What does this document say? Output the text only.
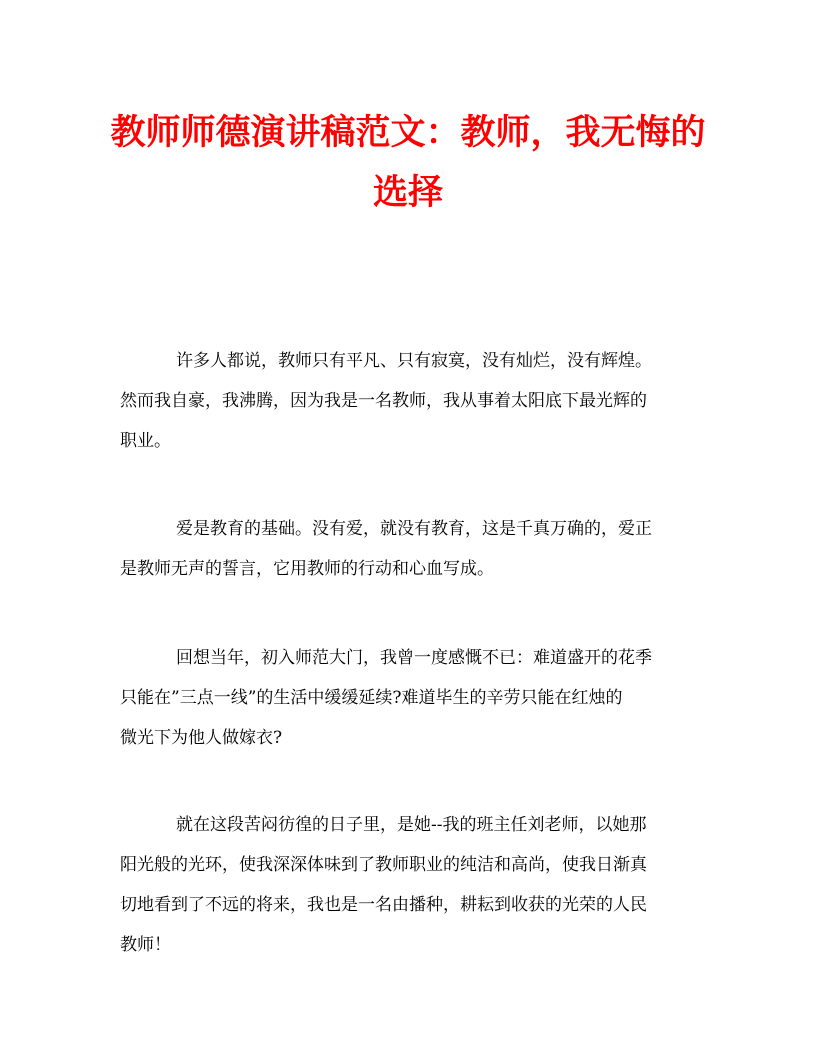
教师师德演讲稿范文：教师，我无悔的
选择
许多人都说，教师只有平凡、只有寂寞，没有灿烂，没有辉煌。
然而我自豪，我沸腾，因为我是一名教师，我从事着太阳底下最光辉的
职业。
爱是教育的基础。没有爱，就没有教育，这是千真万确的，爱正
是教师无声的誓言，它用教师的行动和心血写成。
回想当年，初入师范大门，我曾一度感慨不已：难道盛开的花季
只能在”三点一线”的生活中缓缓延续?难道毕生的辛劳只能在红烛的
微光下为他人做嫁衣?
就在这段苦闷彷徨的日子里，是她--我的班主任刘老师，以她那
阳光般的光环，使我深深体味到了教师职业的纯洁和高尚，使我日渐真
切地看到了不远的将来，我也是一名由播种，耕耘到收获的光荣的人民
教师！
